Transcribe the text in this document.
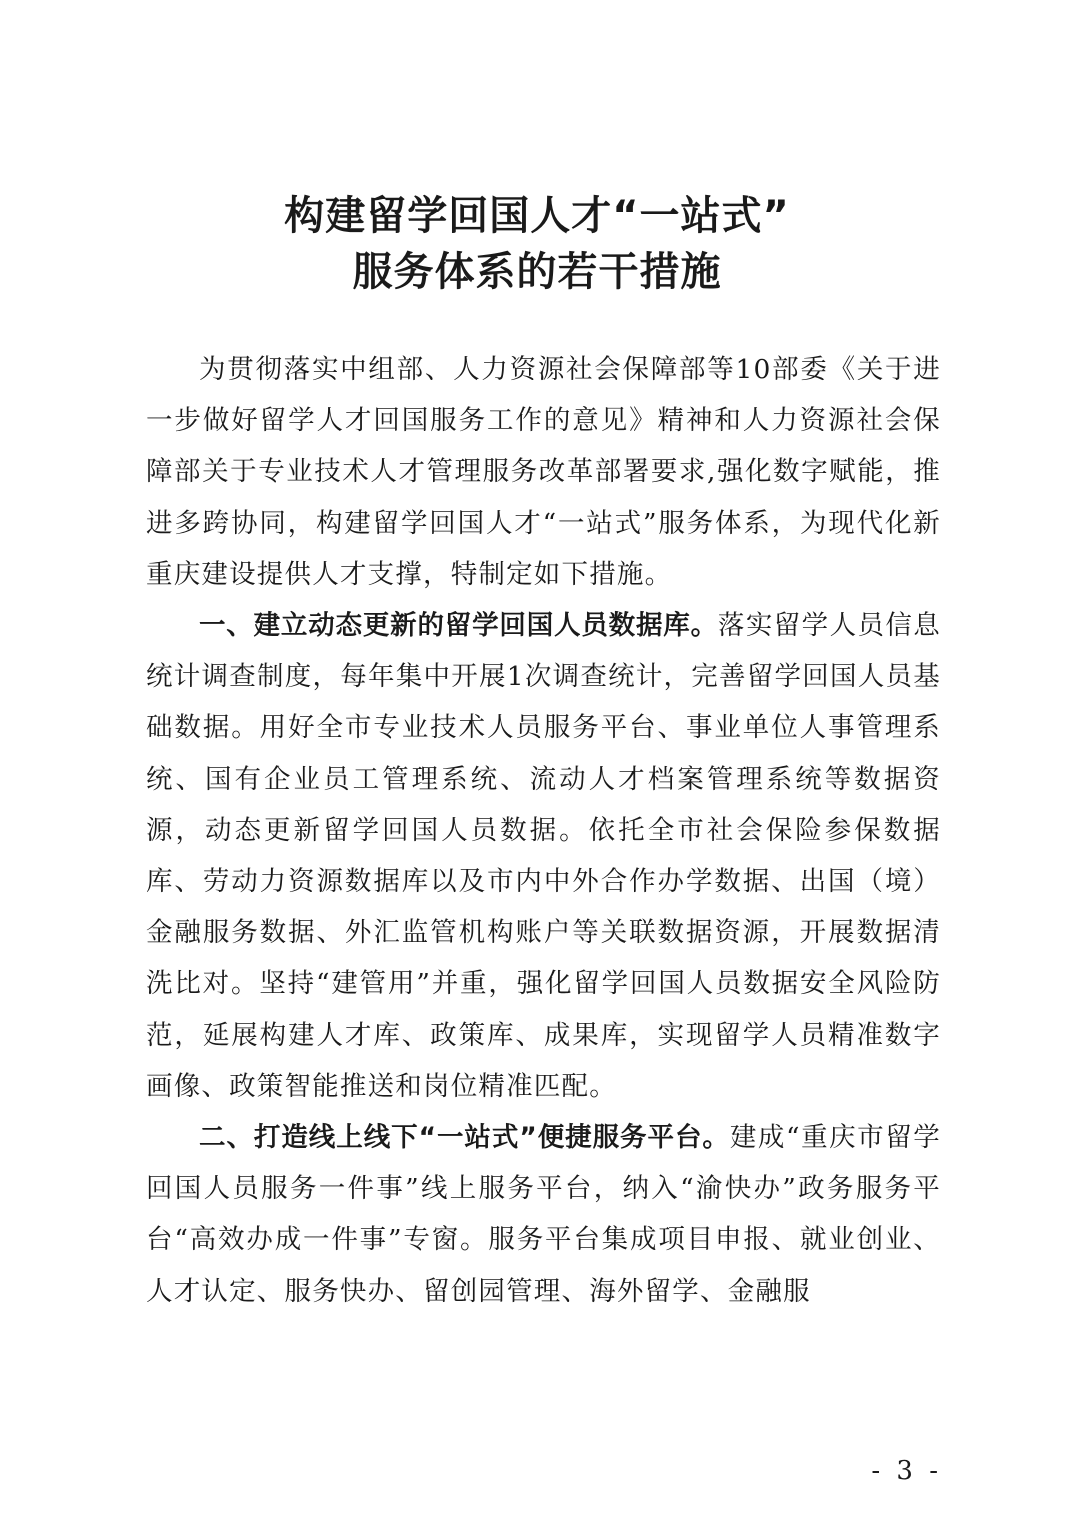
构建留学回国人才“一站式”
服务体系的若干措施

为贯彻落实中组部、人力资源社会保障部等10部委《关于进一步做好留学人才回国服务工作的意见》精神和人力资源社会保障部关于专业技术人才管理服务改革部署要求,强化数字赋能，推进多跨协同，构建留学回国人才“一站式”服务体系，为现代化新重庆建设提供人才支撑，特制定如下措施。

一、建立动态更新的留学回国人员数据库。落实留学人员信息统计调查制度，每年集中开展1次调查统计，完善留学回国人员基础数据。用好全市专业技术人员服务平台、事业单位人事管理系统、国有企业员工管理系统、流动人才档案管理系统等数据资源，动态更新留学回国人员数据。依托全市社会保险参保数据库、劳动力资源数据库以及市内中外合作办学数据、出国（境）金融服务数据、外汇监管机构账户等关联数据资源，开展数据清洗比对。坚持“建管用”并重，强化留学回国人员数据安全风险防范，延展构建人才库、政策库、成果库，实现留学人员精准数字画像、政策智能推送和岗位精准匹配。

二、打造线上线下“一站式”便捷服务平台。建成“重庆市留学回国人员服务一件事”线上服务平台，纳入“渝快办”政务服务平台“高效办成一件事”专窗。服务平台集成项目申报、就业创业、人才认定、服务快办、留创园管理、海外留学、金融服

- 3 -
